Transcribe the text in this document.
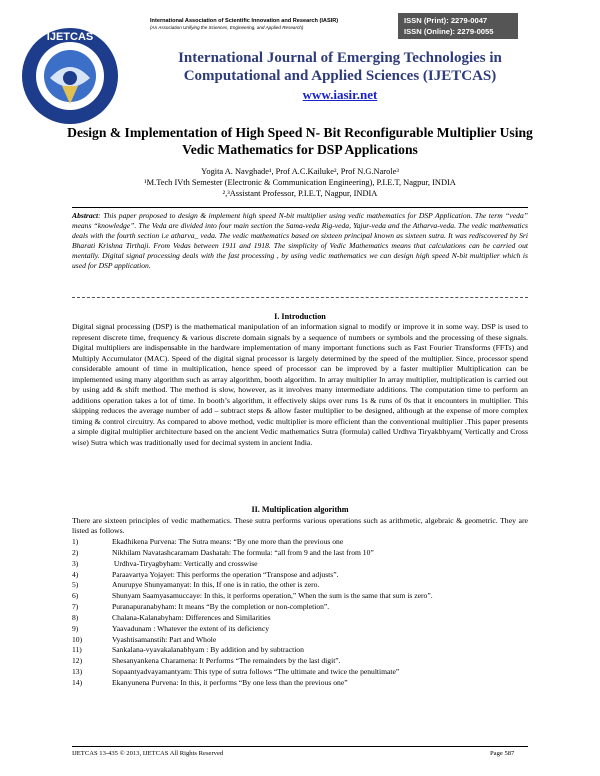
International Association of Scientific Innovation and Research (IASIR)
(An Association Unifying the Sciences, Engineering, and Applied Research)
ISSN (Print): 2279-0047
ISSN (Online): 2279-0055
IJETCAS
International Journal of Emerging Technologies in Computational and Applied Sciences (IJETCAS)
www.iasir.net
Design & Implementation of High Speed N- Bit Reconfigurable Multiplier Using Vedic Mathematics for DSP Applications
Yogita A. Navghade¹, Prof A.C.Kailuke², Prof N.G.Narole³
¹M.Tech IVth Semester (Electronic & Communication Engineering), P.I.E.T, Nagpur, INDIA
²,³Assistant Professor, P.I.E.T, Nagpur, INDIA
Abstract: This paper proposed to design & implement high speed N-bit multiplier using vedic mathematics for DSP Application. The term “veda” means “knowledge”. The Veda are divided into four main section the Sama-veda Rig-veda, Yajur-veda and the Atharva-veda. The vedic mathematics deals with the fourth section i.e atharva_ veda. The vedic mathematics based on sixteen principal known as sixteen sutra. It was rediscovered by Sri Bharati Krishna Tirthaji. From Vedas between 1911 and 1918. The simplicity of Vedic Mathematics means that calculations can be carried out mentally. Digital signal processing deals with the fast processing , by using vedic mathematics we can design high speed N-bit multiplier which is used for DSP application.
I. Introduction
Digital signal processing (DSP) is the mathematical manipulation of an information signal to modify or improve it in some way. DSP is used to represent discrete time, frequency & various discrete domain signals by a sequence of numbers or symbols and the processing of these signals. Digital multipliers are indispensable in the hardware implementation of many important functions such as Fast Fourier Transforms (FFTs) and Multiply Accumulator (MAC). Speed of the digital signal processor is largely determined by the speed of the multiplier. Since, processor spend considerable amount of time in multiplication, hence speed of processor can be improved by a faster multiplier Multiplication can be implemented using many algorithm such as array algorithm, booth algorithm. In array multiplier In array multiplier, multiplication is carried out by using add & shift method. The method is slow, however, as it involves many intermediate additions. The computation time to perform an additions operation takes a lot of time. In booth’s algorithm, it effectively skips over runs 1s & runs of 0s that it encounters in multiplier. This skipping reduces the average number of add – subtract steps & allow faster multiplier to be designed, although at the expense of more complex timing & control circuitry. As compared to above method, vedic multiplier is more efficient than the conventional multiplier .This paper presents a simple digital multiplier architecture based on the ancient Vedic mathematics Sutra (formula) called Urdhva Tiryakbhyam( Vertically and Cross wise) Sutra which was traditionally used for decimal system in ancient India.
II. Multiplication algorithm
There are sixteen principles of vedic mathematics. These sutra performs various operations such as arithmetic, algebraic & geometric. They are listed as follows.
1)	Ekadhikena Purvena: The Sutra means: “By one more than the previous one
2)	Nikhilam Navatashcaramam Dashatah: The formula: “all from 9 and the last from 10”
3)	Urdhva-Tiryagbyham: Vertically and crosswise
4)	Paraavartya Yojayet: This performs the operation “Transpose and adjusts”.
5)	Anurupye Shunyamanyat: In this, If one is in ratio, the other is zero.
6)	Shunyam Saamyasamuccaye: In this, it performs operation,” When the sum is the same that sum is zero”.
7)	Puranapuranabyham: It means “By the completion or non-completion”.
8)	Chalana-Kalanabyham: Differences and Similarities
9)	Yaavadunam : Whatever the extent of its deficiency
10)	Vyashtisamanstih: Part and Whole
11)	Sankalana-vyavakalanabhyam : By addition and by subtraction
12)	Shesanyankena Charamena: It Performs “The remainders by the last digit”.
13)	Sopaantyadvayamantyam: This type of sutra follows “The ultimate and twice the penultimate”
14)	Ekanyunena Purvena: In this, it performs “By one less than the previous one”
IJETCAS 13-435 © 2013, IJETCAS All Rights Reserved	Page 587
